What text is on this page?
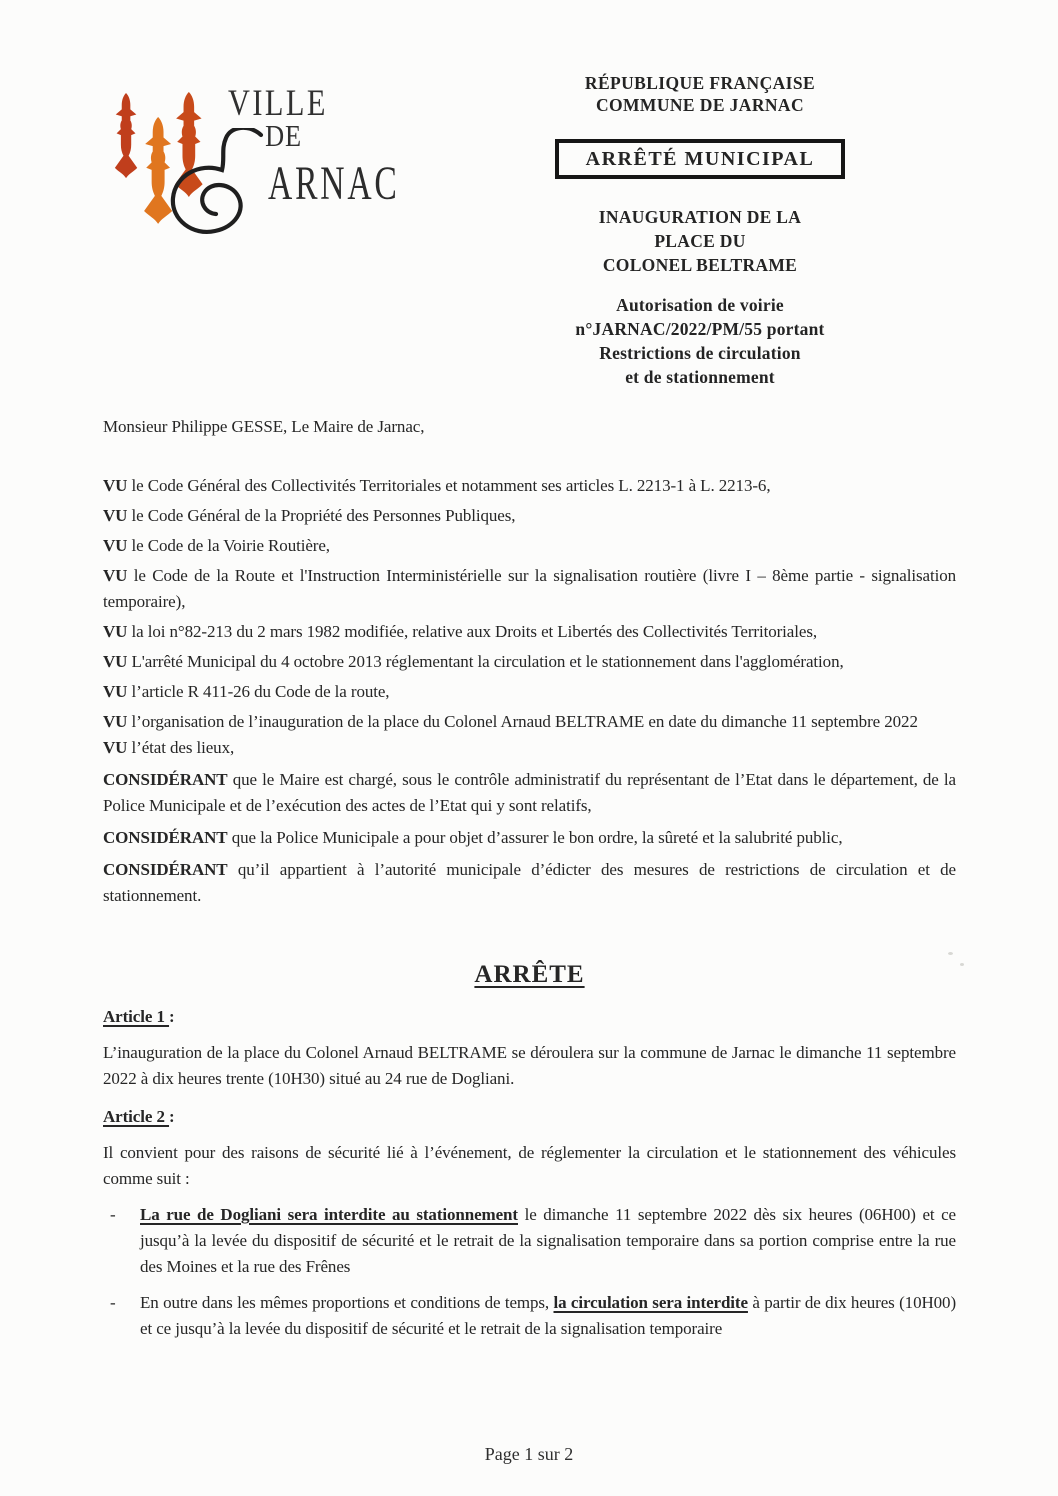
VILLE
DE
ARNAC
RÉPUBLIQUE FRANÇAISE
COMMUNE DE JARNAC
ARRÊTÉ MUNICIPAL
INAUGURATION DE LA
PLACE DU
COLONEL BELTRAME
Autorisation de voirie
n°JARNAC/2022/PM/55 portant
Restrictions de circulation
et de stationnement
Monsieur Philippe GESSE, Le Maire de Jarnac,
VU le Code Général des Collectivités Territoriales et notamment ses articles L. 2213-1 à L. 2213-6,
VU le Code Général de la Propriété des Personnes Publiques,
VU le Code de la Voirie Routière,
VU le Code de la Route et l'Instruction Interministérielle sur la signalisation routière (livre I – 8ème partie - signalisation temporaire),
VU la loi n°82-213 du 2 mars 1982 modifiée, relative aux Droits et Libertés des Collectivités Territoriales,
VU L'arrêté Municipal du 4 octobre 2013 réglementant la circulation et le stationnement dans l'agglomération,
VU l’article R 411-26 du Code de la route,
VU l’organisation de l’inauguration de la place du Colonel Arnaud BELTRAME en date du dimanche 11 septembre 2022
VU l’état des lieux,
CONSIDÉRANT que le Maire est chargé, sous le contrôle administratif du représentant de l’Etat dans le département, de la Police Municipale et de l’exécution des actes de l’Etat qui y sont relatifs,
CONSIDÉRANT que la Police Municipale a pour objet d’assurer le bon ordre, la sûreté et la salubrité public,
CONSIDÉRANT qu’il appartient à l’autorité municipale d’édicter des mesures de restrictions de circulation et de stationnement.
ARRÊTE
Article 1 :
L’inauguration de la place du Colonel Arnaud BELTRAME se déroulera sur la commune de Jarnac le dimanche 11 septembre 2022 à dix heures trente (10H30) situé au 24 rue de Dogliani.
Article 2 :
Il convient pour des raisons de sécurité lié à l’événement, de réglementer la circulation et le stationnement des véhicules comme suit :
- La rue de Dogliani sera interdite au stationnement le dimanche 11 septembre 2022 dès six heures (06H00) et ce jusqu’à la levée du dispositif de sécurité et le retrait de la signalisation temporaire dans sa portion comprise entre la rue des Moines et la rue des Frênes
- En outre dans les mêmes proportions et conditions de temps, la circulation sera interdite à partir de dix heures (10H00) et ce jusqu’à la levée du dispositif de sécurité et le retrait de la signalisation temporaire
Page 1 sur 2
